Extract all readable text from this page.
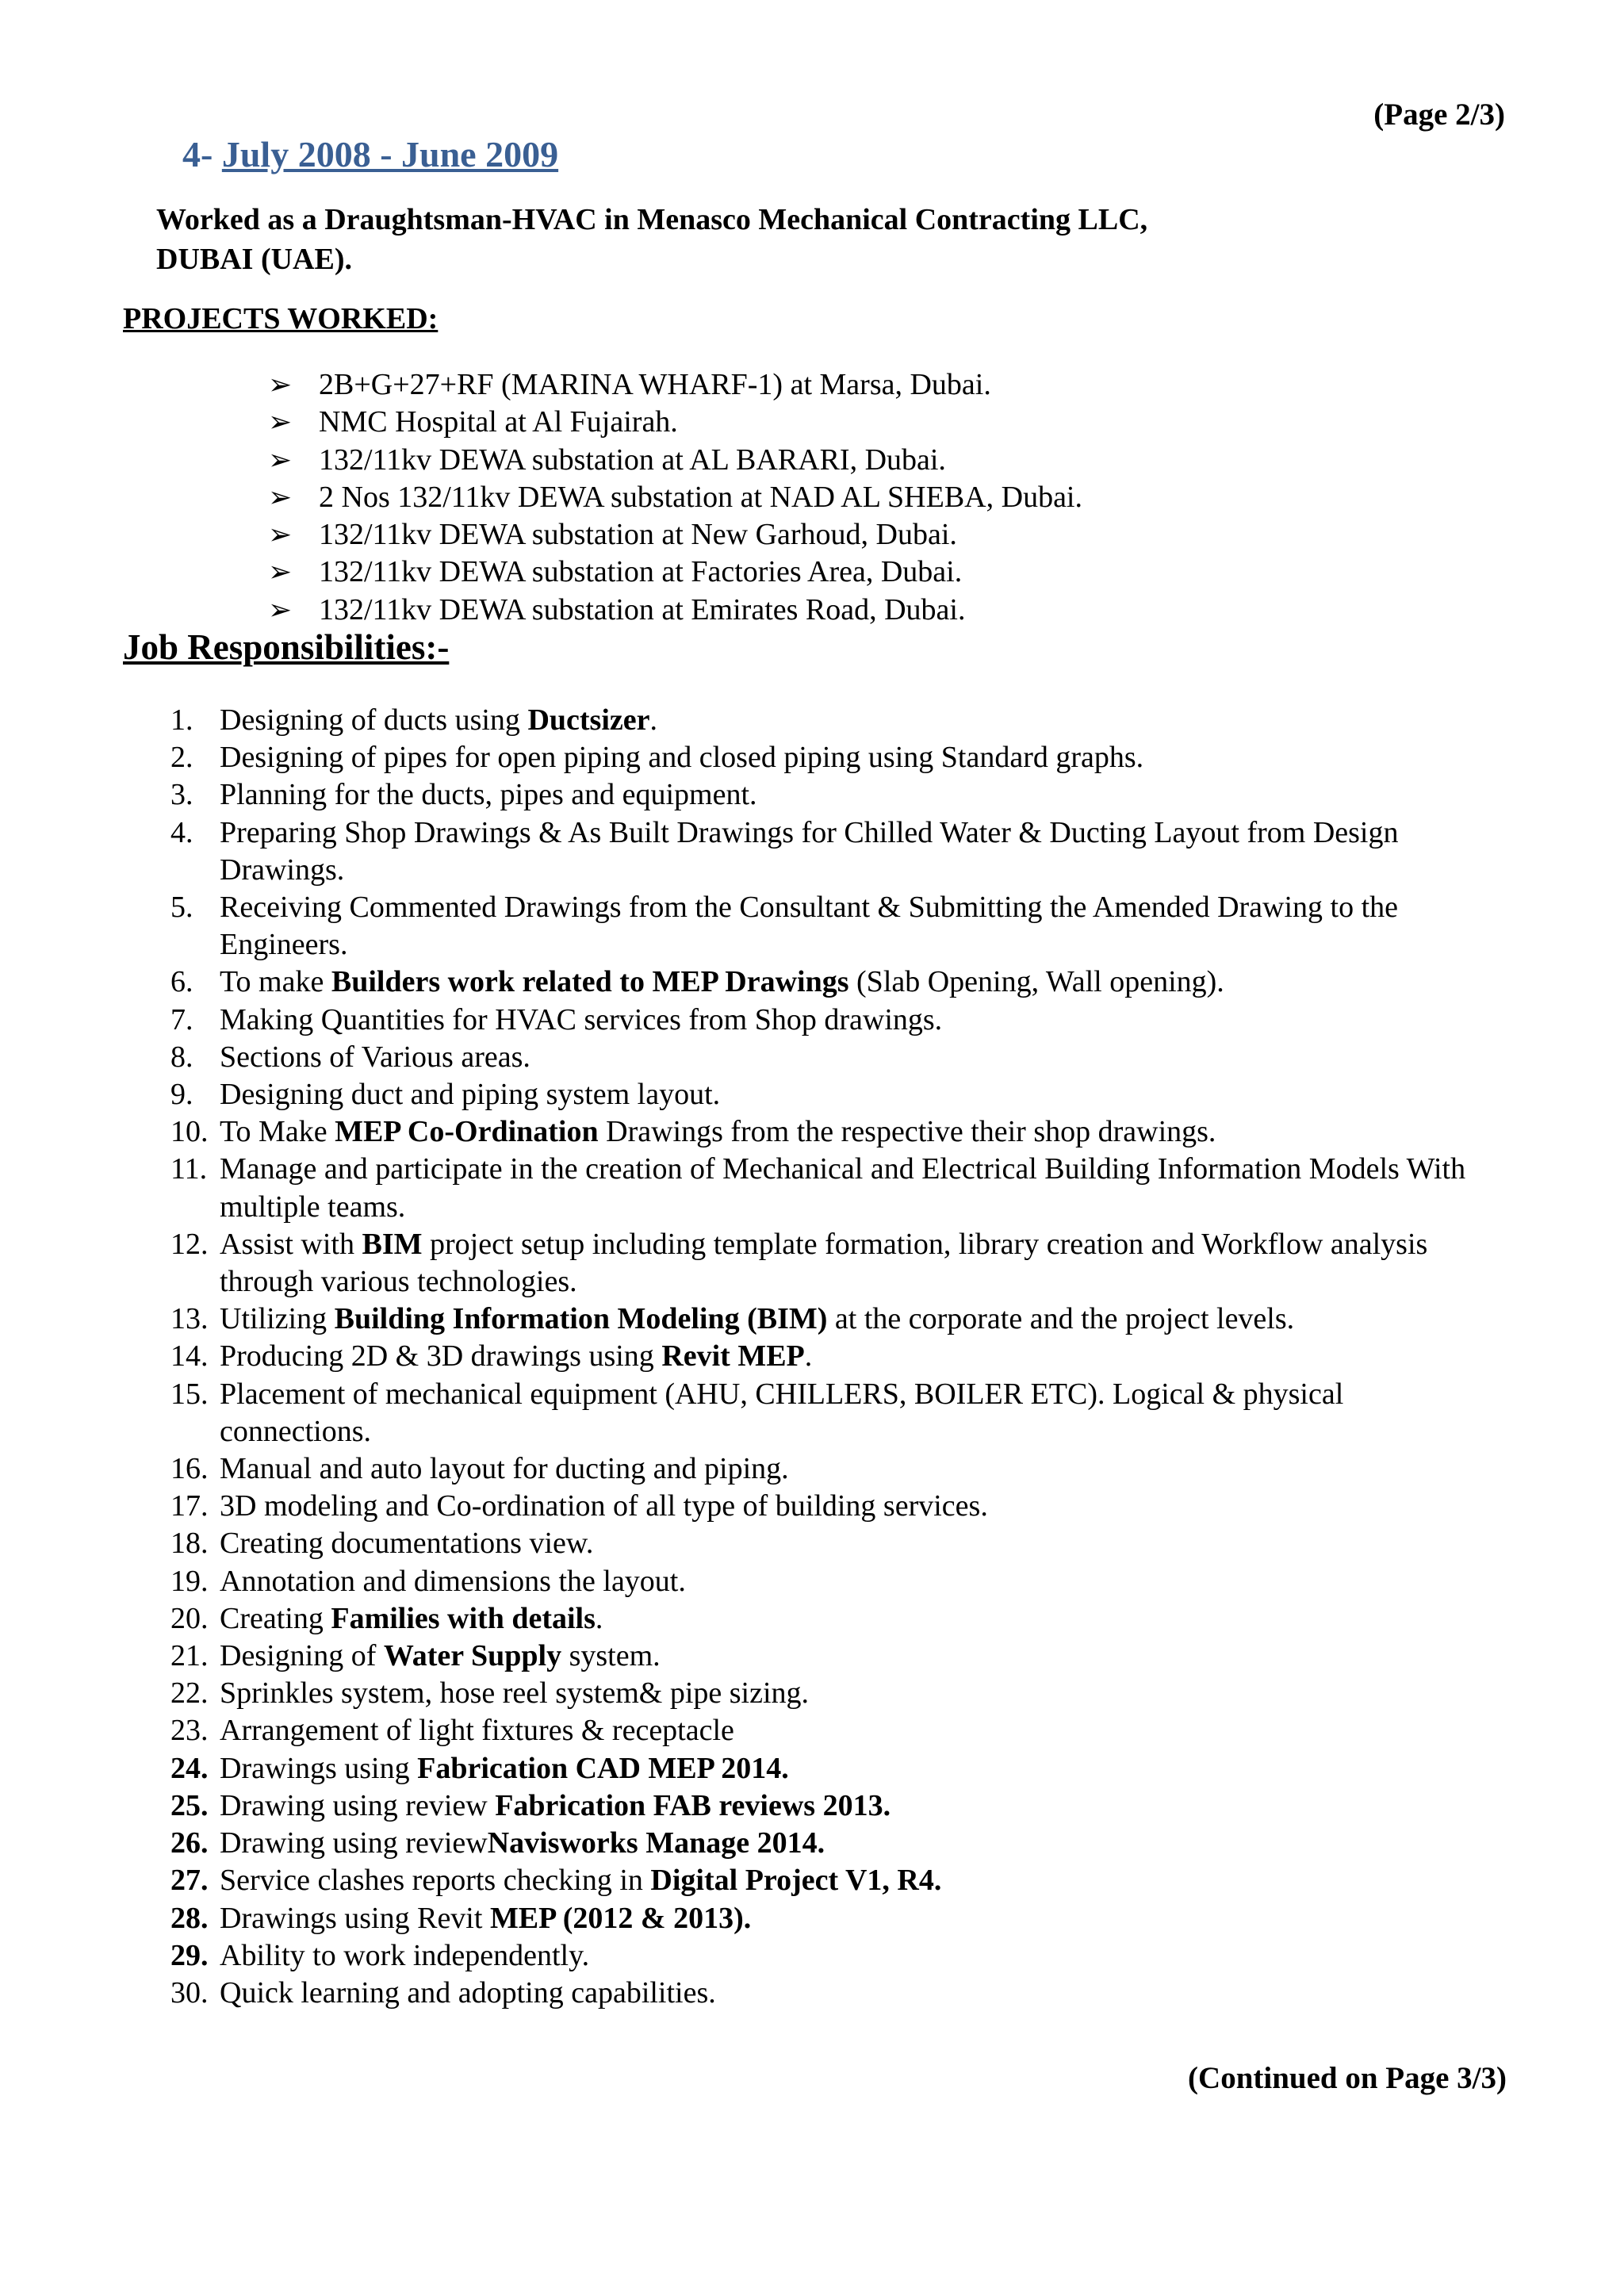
(Page 2/3)
4- July 2008 - June 2009
Worked as a Draughtsman-HVAC in Menasco Mechanical Contracting LLC,
DUBAI (UAE).
PROJECTS WORKED:
➢ 2B+G+27+RF (MARINA WHARF-1) at Marsa, Dubai.
➢ NMC Hospital at Al Fujairah.
➢ 132/11kv DEWA substation at AL BARARI, Dubai.
➢ 2 Nos 132/11kv DEWA substation at NAD AL SHEBA, Dubai.
➢ 132/11kv DEWA substation at New Garhoud, Dubai.
➢ 132/11kv DEWA substation at Factories Area, Dubai.
➢ 132/11kv DEWA substation at Emirates Road, Dubai.
Job Responsibilities:-
1. Designing of ducts using Ductsizer.
2. Designing of pipes for open piping and closed piping using Standard graphs.
3. Planning for the ducts, pipes and equipment.
4. Preparing Shop Drawings & As Built Drawings for Chilled Water & Ducting Layout from Design Drawings.
5. Receiving Commented Drawings from the Consultant & Submitting the Amended Drawing to the Engineers.
6. To make Builders work related to MEP Drawings (Slab Opening, Wall opening).
7. Making Quantities for HVAC services from Shop drawings.
8. Sections of Various areas.
9. Designing duct and piping system layout.
10. To Make MEP Co-Ordination Drawings from the respective their shop drawings.
11. Manage and participate in the creation of Mechanical and Electrical Building Information Models With multiple teams.
12. Assist with BIM project setup including template formation, library creation and Workflow analysis through various technologies.
13. Utilizing Building Information Modeling (BIM) at the corporate and the project levels.
14. Producing 2D & 3D drawings using Revit MEP.
15. Placement of mechanical equipment (AHU, CHILLERS, BOILER ETC). Logical & physical connections.
16. Manual and auto layout for ducting and piping.
17. 3D modeling and Co-ordination of all type of building services.
18. Creating documentations view.
19. Annotation and dimensions the layout.
20. Creating Families with details.
21. Designing of Water Supply system.
22. Sprinkles system, hose reel system& pipe sizing.
23. Arrangement of light fixtures & receptacle
24. Drawings using Fabrication CAD MEP 2014.
25. Drawing using review Fabrication FAB reviews 2013.
26. Drawing using reviewNavisworks Manage 2014.
27. Service clashes reports checking in Digital Project V1, R4.
28. Drawings using Revit MEP (2012 & 2013).
29. Ability to work independently.
30. Quick learning and adopting capabilities.
(Continued on Page 3/3)
